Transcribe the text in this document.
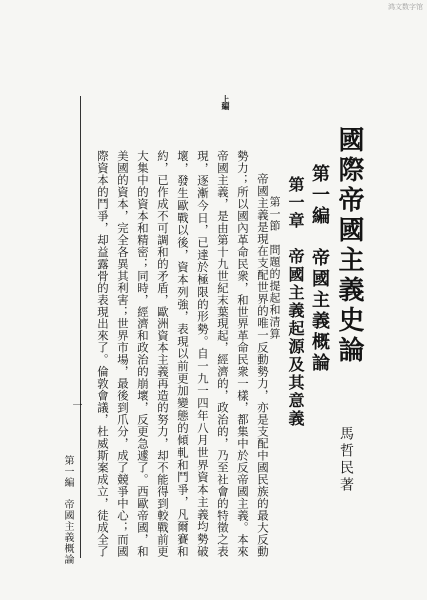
鸿文数字馆
上編
國際帝國主義史論
馬哲民著
第一編　帝國主義概論
第一章　帝國主義起源及其意義
第一節　問題的提起和清算

帝國主義是現在支配世界的唯一反動勢力，亦是支配中國民族的最大反動勢力；所以國內革命民衆，和世界革命民衆一樣，都集中於反帝國主義。本來帝國主義，是由第十九世紀末葉現起，經濟的，政治的，乃至社會的特徵之表現，逐漸今日，已達於極限的形勢。自一九一四年八月世界資本主義均勢破壞，發生歐戰以後，資本列強，表現以前更加變態的傾軋和鬥爭，凡爾賽和約，已作成不可調和的矛盾，歐洲資本主義再造的努力，却不能得到較戰前更大集中的資本和精密；同時，經濟和政治的崩壞，反更急遽了。西歐帝國，和美國的資本，完全各異其利害；世界市場，最後到爪分，成了競爭中心；而國際資本的鬥爭，却益露骨的表現出來了。倫敦會議，杜威斯案成立，徒成全了

第一編　帝國主義概論
一
